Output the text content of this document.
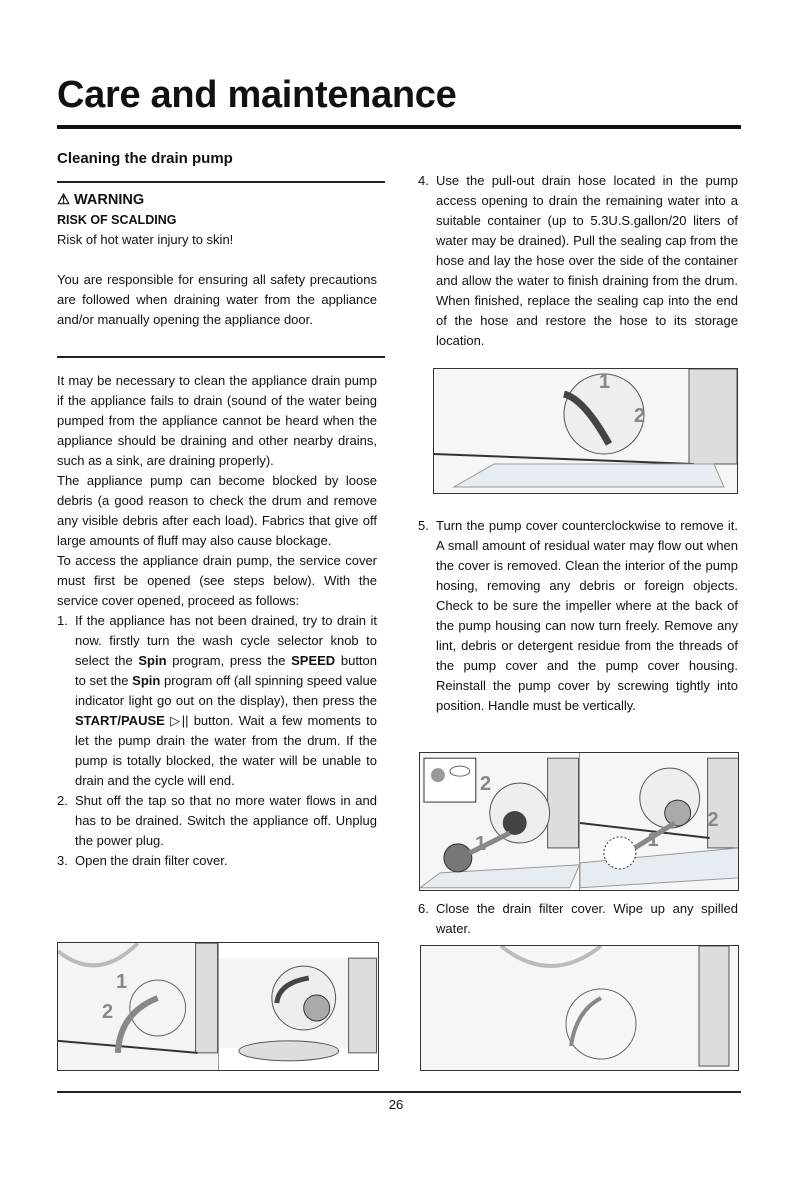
Care and maintenance
Cleaning the drain pump
⚠ WARNING
RISK OF SCALDING
Risk of hot water injury to skin!

You are responsible for ensuring all safety precautions are followed when draining water from the appliance and/or manually opening the appliance door.

It may be necessary to clean the appliance drain pump if the appliance fails to drain (sound of the water being pumped from the appliance cannot be heard when the appliance should be draining and other nearby drains, such as a sink, are draining properly).

The appliance pump can become blocked by loose debris (a good reason to check the drum and remove any visible debris after each load). Fabrics that give off large amounts of fluff may also cause blockage.

To access the appliance drain pump, the service cover must first be opened (see steps below). With the service cover opened, proceed as follows:

1. If the appliance has not been drained, try to drain it now. firstly turn the wash cycle selector knob to select the Spin program, press the SPEED button to set the Spin program off (all spinning speed value indicator light go out on the display), then press the START/PAUSE ▷|| button. Wait a few moments to let the pump drain the water from the drum. If the pump is totally blocked, the water will be unable to drain and the cycle will end.
2. Shut off the tap so that no more water flows in and has to be drained. Switch the appliance off. Unplug the power plug.
3. Open the drain filter cover.
1
2
4. Use the pull-out drain hose located in the pump access opening to drain the remaining water into a suitable container (up to 5.3U.S.gallon/20 liters of water may be drained). Pull the sealing cap from the hose and lay the hose over the side of the container and allow the water to finish draining from the drum. When finished, replace the sealing cap into the end of the hose and restore the hose to its storage location.
1
2
5. Turn the pump cover counterclockwise to remove it. A small amount of residual water may flow out when the cover is removed. Clean the interior of the pump hosing, removing any debris or foreign objects. Check to be sure the impeller where at the back of the pump housing can now turn freely. Remove any lint, debris or detergent residue from the threads of the pump cover and the pump cover housing. Reinstall the pump cover by screwing tightly into position. Handle must be vertically.
2
1	1
2
6. Close the drain filter cover. Wipe up any spilled water.
26
